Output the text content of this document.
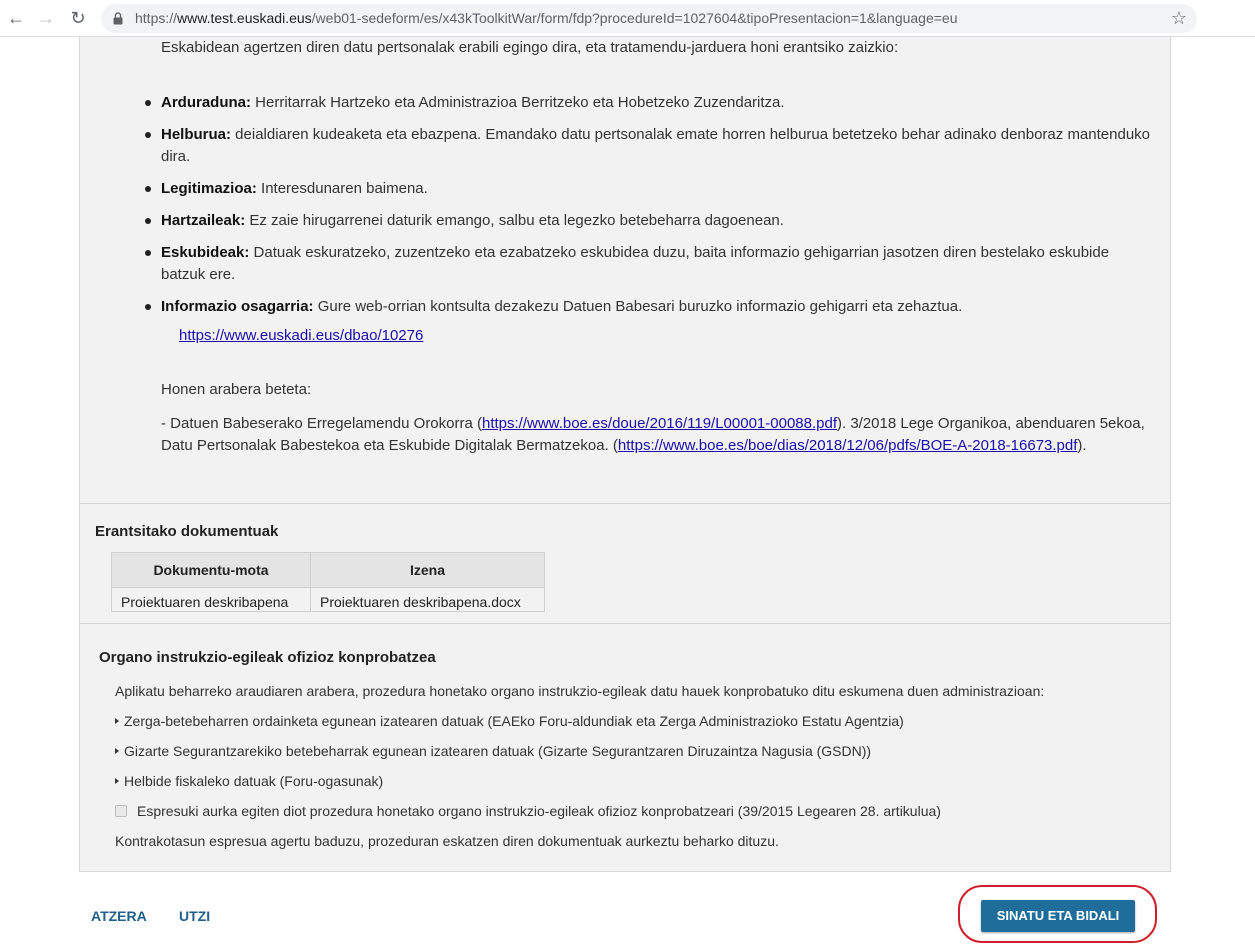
← → ↻	https://www.test.euskadi.eus/web01-sedeform/es/x43kToolkitWar/form/fdp?procedureId=1027604&tipoPresentacion=1&language=eu	☆
Eskabidean agertzen diren datu pertsonalak erabili egingo dira, eta tratamendu-jarduera honi erantsiko zaizkio:
Arduraduna: Herritarrak Hartzeko eta Administrazioa Berritzeko eta Hobetzeko Zuzendaritza.
Helburua: deialdiaren kudeaketa eta ebazpena. Emandako datu pertsonalak emate horren helburua betetzeko behar adinako denboraz mantenduko dira.
Legitimazioa: Interesdunaren baimena.
Hartzaileak: Ez zaie hirugarrenei daturik emango, salbu eta legezko betebeharra dagoenean.
Eskubideak: Datuak eskuratzeko, zuzentzeko eta ezabatzeko eskubidea duzu, baita informazio gehigarrian jasotzen diren bestelako eskubide batzuk ere.
Informazio osagarria: Gure web-orrian kontsulta dezakezu Datuen Babesari buruzko informazio gehigarri eta zehaztua.
https://www.euskadi.eus/dbao/10276
Honen arabera beteta:
- Datuen Babeserako Erregelamendu Orokorra (https://www.boe.es/doue/2016/119/L00001-00088.pdf). 3/2018 Lege Organikoa, abenduaren 5ekoa, Datu Pertsonalak Babestekoa eta Eskubide Digitalak Bermatzekoa. (https://www.boe.es/boe/dias/2018/12/06/pdfs/BOE-A-2018-16673.pdf).
Erantsitako dokumentuak
Dokumentu-mota	Izena
Proiektuaren deskribapena	Proiektuaren deskribapena.docx
Organo instrukzio-egileak ofizioz konprobatzea
Aplikatu beharreko araudiaren arabera, prozedura honetako organo instrukzio-egileak datu hauek konprobatuko ditu eskumena duen administrazioan:
Zerga-betebeharren ordainketa egunean izatearen datuak (EAEko Foru-aldundiak eta Zerga Administrazioko Estatu Agentzia)
Gizarte Segurantzarekiko betebeharrak egunean izatearen datuak (Gizarte Segurantzaren Diruzaintza Nagusia (GSDN))
Helbide fiskaleko datuak (Foru-ogasunak)
Espresuki aurka egiten diot prozedura honetako organo instrukzio-egileak ofizioz konprobatzeari (39/2015 Legearen 28. artikulua)
Kontrakotasun espresua agertu baduzu, prozeduran eskatzen diren dokumentuak aurkeztu beharko dituzu.
ATZERA UTZI	SINATU ETA BIDALI
